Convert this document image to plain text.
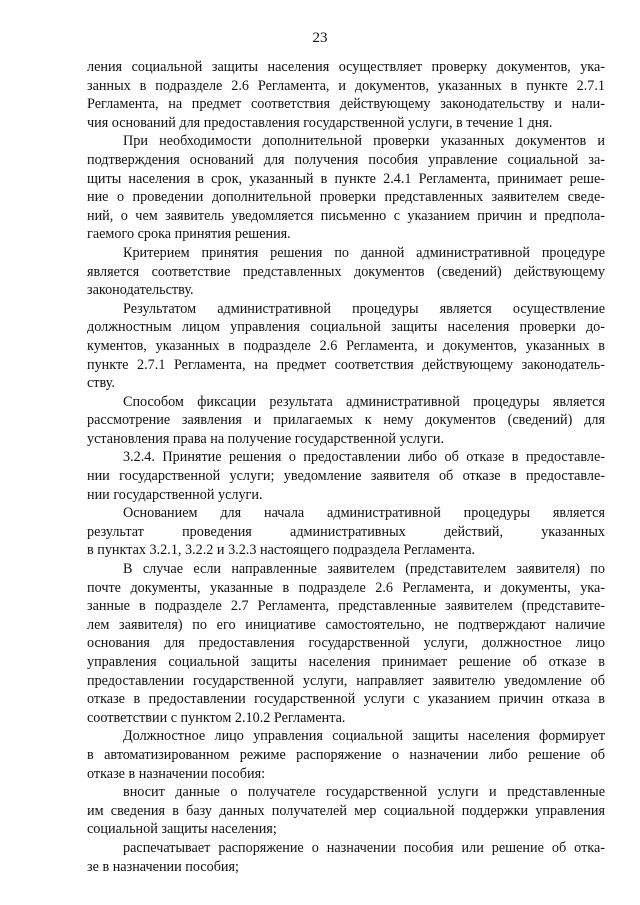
23
ления социальной защиты населения осуществляет проверку документов, ука-
занных в подразделе 2.6 Регламента, и документов, указанных в пункте 2.7.1
Регламента, на предмет соответствия действующему законодательству и нали-
чия оснований для предоставления государственной услуги, в течение 1 дня.
При необходимости дополнительной проверки указанных документов и
подтверждения оснований для получения пособия управление социальной за-
щиты населения в срок, указанный в пункте 2.4.1 Регламента, принимает реше-
ние о проведении дополнительной проверки представленных заявителем сведе-
ний, о чем заявитель уведомляется письменно с указанием причин и предпола-
гаемого срока принятия решения.
Критерием принятия решения по данной административной процедуре
является соответствие представленных документов (сведений) действующему
законодательству.
Результатом административной процедуры является осуществление
должностным лицом управления социальной защиты населения проверки до-
кументов, указанных в подразделе 2.6 Регламента, и документов, указанных в
пункте 2.7.1 Регламента, на предмет соответствия действующему законодатель-
ству.
Способом фиксации результата административной процедуры является
рассмотрение заявления и прилагаемых к нему документов (сведений) для
установления права на получение государственной услуги.
3.2.4. Принятие решения о предоставлении либо об отказе в предоставле-
нии государственной услуги; уведомление заявителя об отказе в предоставле-
нии государственной услуги.
Основанием для начала административной процедуры является
результат проведения административных действий, указанных
в пунктах 3.2.1, 3.2.2 и 3.2.3 настоящего подраздела Регламента.
В случае если направленные заявителем (представителем заявителя) по
почте документы, указанные в подразделе 2.6 Регламента, и документы, ука-
занные в подразделе 2.7 Регламента, представленные заявителем (представите-
лем заявителя) по его инициативе самостоятельно, не подтверждают наличие
основания для предоставления государственной услуги, должностное лицо
управления социальной защиты населения принимает решение об отказе в
предоставлении государственной услуги, направляет заявителю уведомление об
отказе в предоставлении государственной услуги с указанием причин отказа в
соответствии с пунктом 2.10.2 Регламента.
Должностное лицо управления социальной защиты населения формирует
в автоматизированном режиме распоряжение о назначении либо решение об
отказе в назначении пособия:
вносит данные о получателе государственной услуги и представленные
им сведения в базу данных получателей мер социальной поддержки управления
социальной защиты населения;
распечатывает распоряжение о назначении пособия или решение об отка-
зе в назначении пособия;
